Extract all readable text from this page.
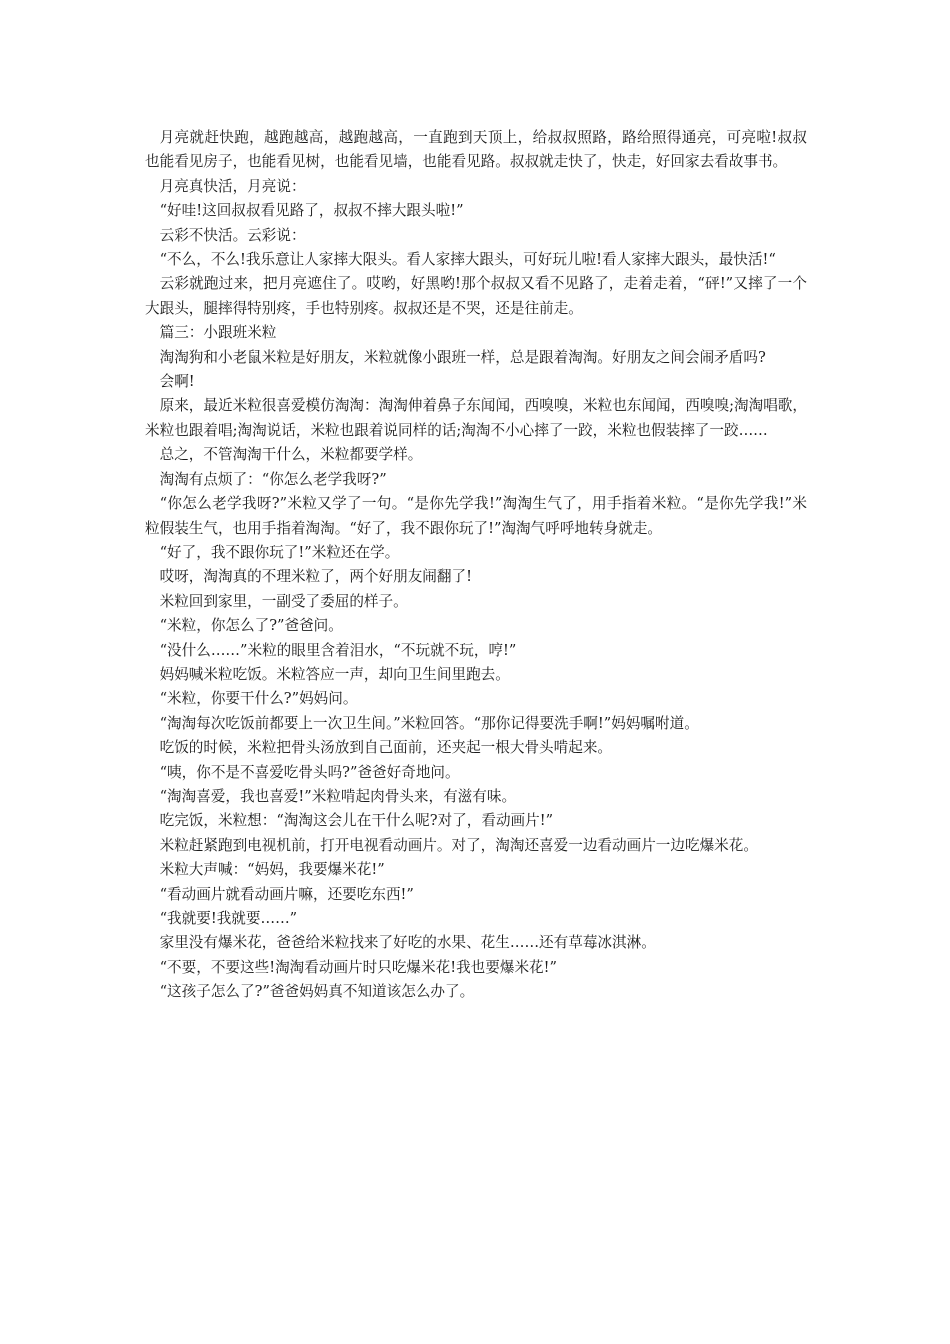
月亮就赶快跑，越跑越高，越跑越高，一直跑到天顶上，给叔叔照路，路给照得通亮，可亮啦!叔叔也能看见房子，也能看见树，也能看见墙，也能看见路。叔叔就走快了，快走，好回家去看故事书。

月亮真快活，月亮说：

“好哇!这回叔叔看见路了，叔叔不摔大跟头啦!”

云彩不快活。云彩说：

“不么，不么!我乐意让人家摔大限头。看人家摔大跟头，可好玩儿啦!看人家摔大跟头，最快活!“

云彩就跑过来，把月亮遮住了。哎哟，好黑哟!那个叔叔又看不见路了，走着走着，“砰!”又摔了一个大跟头，腿摔得特别疼，手也特别疼。叔叔还是不哭，还是往前走。

篇三：小跟班米粒

淘淘狗和小老鼠米粒是好朋友，米粒就像小跟班一样，总是跟着淘淘。好朋友之间会闹矛盾吗?

会啊!

原来，最近米粒很喜爱模仿淘淘：淘淘伸着鼻子东闻闻，西嗅嗅，米粒也东闻闻，西嗅嗅;淘淘唱歌，米粒也跟着唱;淘淘说话，米粒也跟着说同样的话;淘淘不小心摔了一跤，米粒也假装摔了一跤……

总之，不管淘淘干什么，米粒都要学样。

淘淘有点烦了：“你怎么老学我呀?”

“你怎么老学我呀?”米粒又学了一句。“是你先学我!”淘淘生气了，用手指着米粒。“是你先学我!”米粒假装生气，也用手指着淘淘。“好了，我不跟你玩了!”淘淘气呼呼地转身就走。

“好了，我不跟你玩了!”米粒还在学。

哎呀，淘淘真的不理米粒了，两个好朋友闹翻了!

米粒回到家里，一副受了委屈的样子。

“米粒，你怎么了?”爸爸问。

“没什么……”米粒的眼里含着泪水，“不玩就不玩，哼!”

妈妈喊米粒吃饭。米粒答应一声，却向卫生间里跑去。

“米粒，你要干什么?”妈妈问。

“淘淘每次吃饭前都要上一次卫生间。”米粒回答。“那你记得要洗手啊!”妈妈嘱咐道。

吃饭的时候，米粒把骨头汤放到自己面前，还夹起一根大骨头啃起来。

“咦，你不是不喜爱吃骨头吗?”爸爸好奇地问。

“淘淘喜爱，我也喜爱!”米粒啃起肉骨头来，有滋有味。

吃完饭，米粒想：“淘淘这会儿在干什么呢?对了，看动画片!”

米粒赶紧跑到电视机前，打开电视看动画片。对了，淘淘还喜爱一边看动画片一边吃爆米花。

米粒大声喊：“妈妈，我要爆米花!”

“看动画片就看动画片嘛，还要吃东西!”

“我就要!我就要……”

家里没有爆米花，爸爸给米粒找来了好吃的水果、花生……还有草莓冰淇淋。

“不要，不要这些!淘淘看动画片时只吃爆米花!我也要爆米花!”

“这孩子怎么了?”爸爸妈妈真不知道该怎么办了。
